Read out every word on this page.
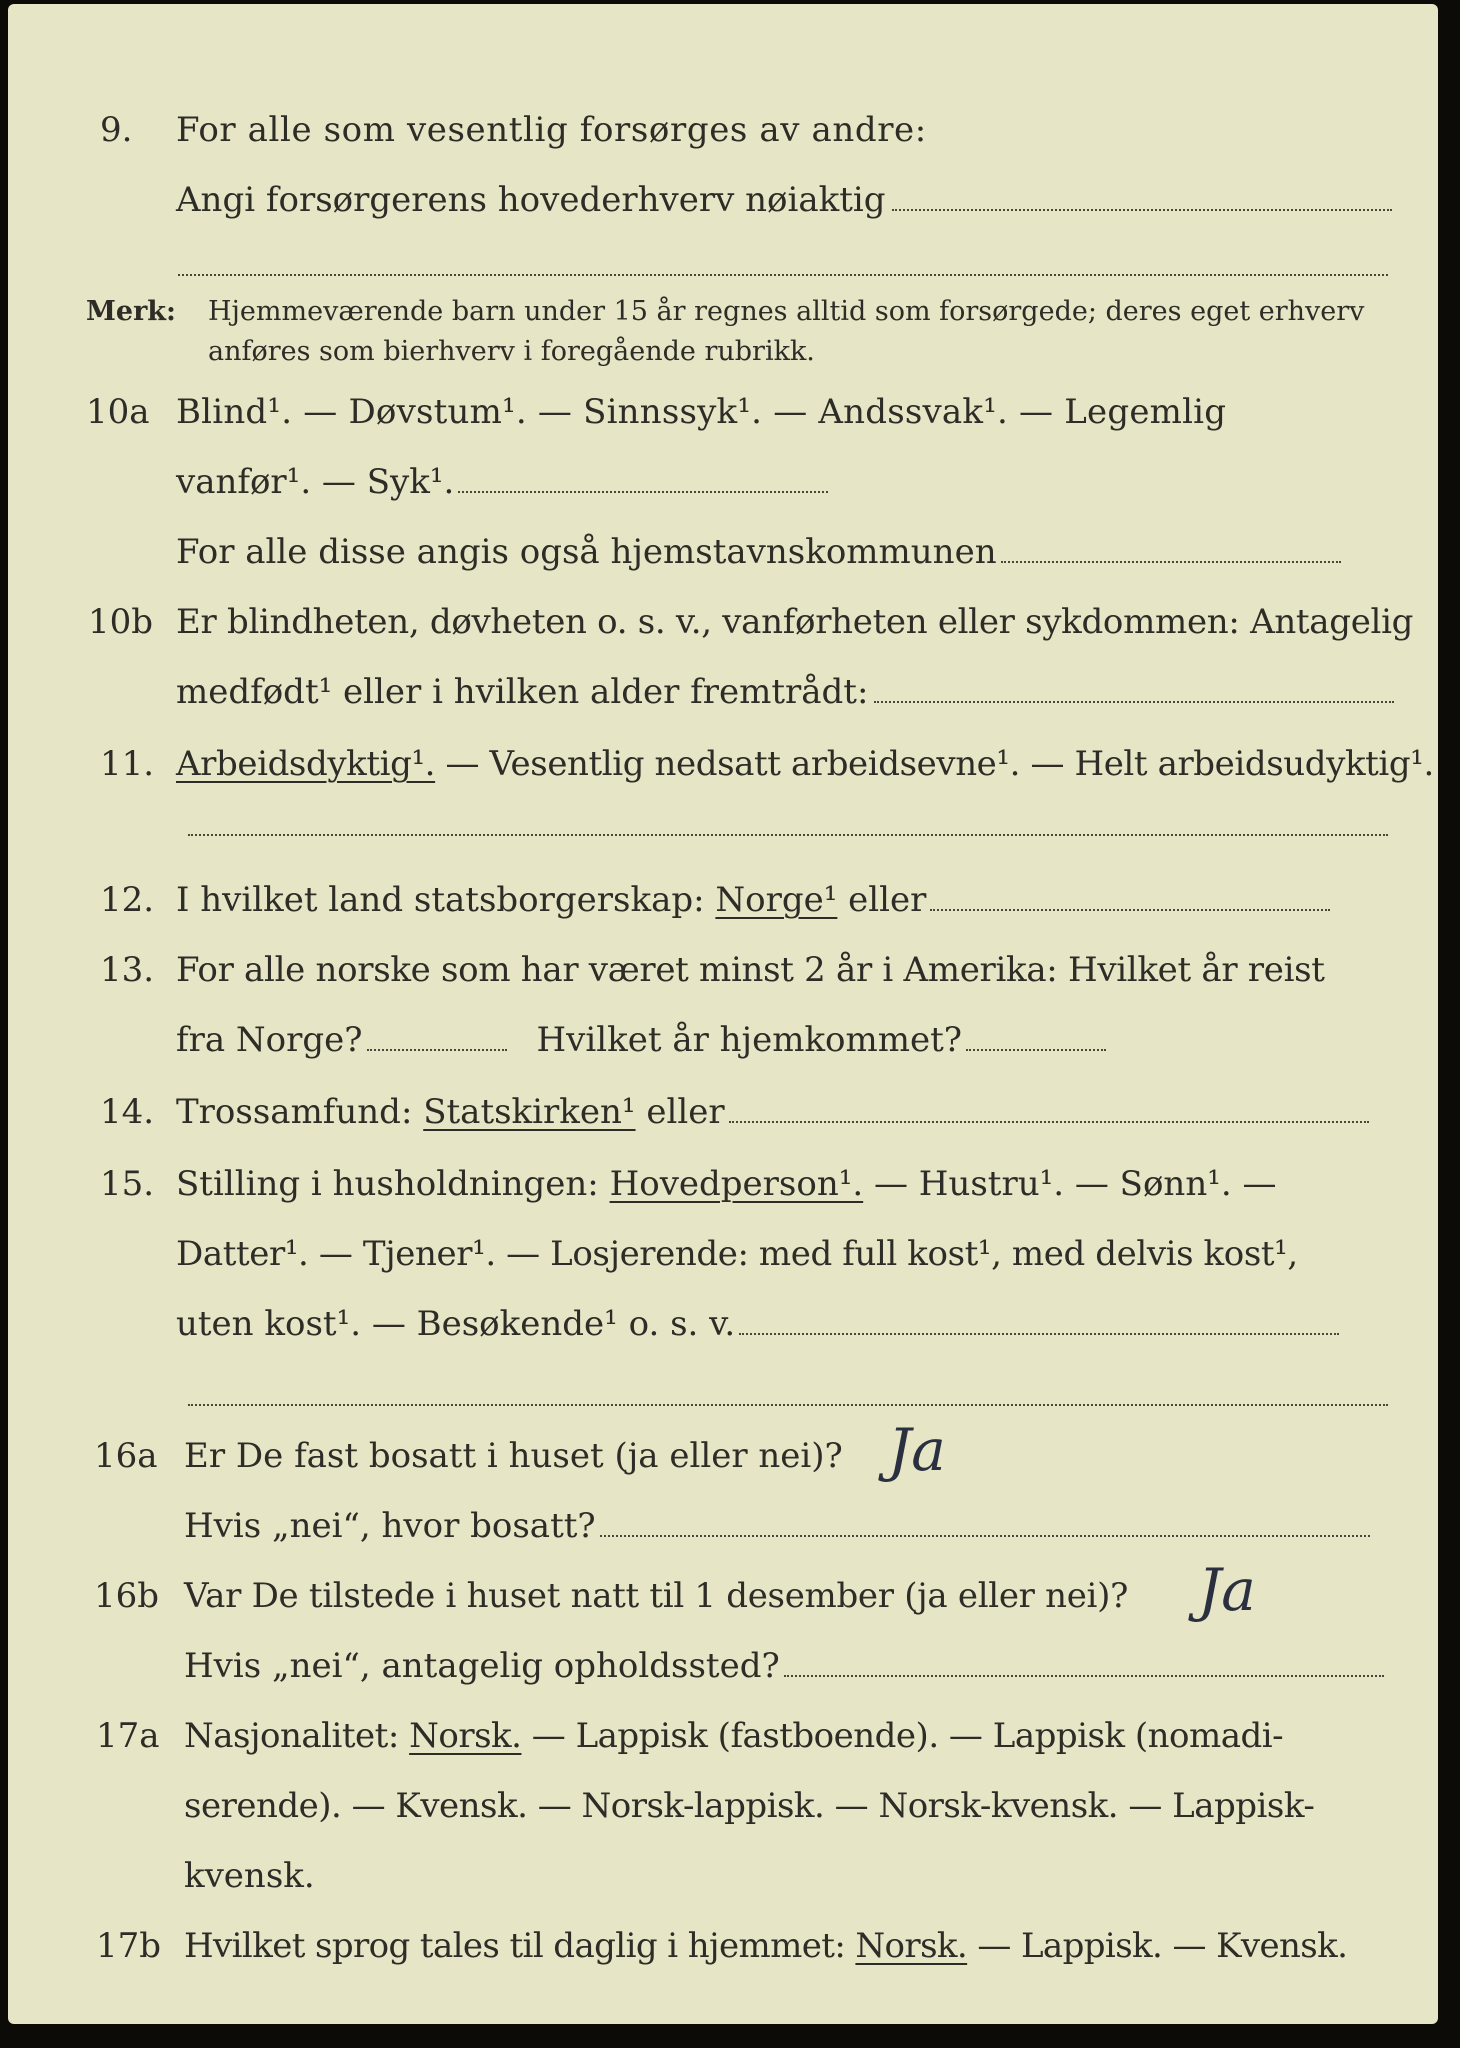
9. For alle som vesentlig forsørges av andre:
Angi forsørgerens hovederhverv nøiaktig
Merk: Hjemmeværende barn under 15 år regnes alltid som forsørgede; deres eget erhverv
anføres som bierhverv i foregående rubrikk.
10a Blind¹. — Døvstum¹. — Sinnssyk¹. — Andssvak¹. — Legemlig
vanfør¹. — Syk¹.
For alle disse angis også hjemstavnskommunen
10b Er blindheten, døvheten o. s. v., vanførheten eller sykdommen: Antagelig
medfødt¹ eller i hvilken alder fremtrådt:
11. Arbeidsdyktig¹. — Vesentlig nedsatt arbeidsevne¹. — Helt arbeidsudyktig¹.
12. I hvilket land statsborgerskap: Norge¹ eller
13. For alle norske som har været minst 2 år i Amerika: Hvilket år reist
fra Norge?	Hvilket år hjemkommet?
14. Trossamfund: Statskirken¹ eller
15. Stilling i husholdningen: Hovedperson¹. — Hustru¹. — Sønn¹. —
Datter¹. — Tjener¹. — Losjerende: med full kost¹, med delvis kost¹,
uten kost¹. — Besøkende¹ o. s. v.
16a Er De fast bosatt i huset (ja eller nei)? Ja
Hvis „nei“, hvor bosatt?
16b Var De tilstede i huset natt til 1 desember (ja eller nei)? Ja
Hvis „nei“, antagelig opholdssted?
17a Nasjonalitet: Norsk. — Lappisk (fastboende). — Lappisk (nomadi-
serende). — Kvensk. — Norsk-lappisk. — Norsk-kvensk. — Lappisk-
kvensk.
17b Hvilket sprog tales til daglig i hjemmet: Norsk. — Lappisk. — Kvensk.
